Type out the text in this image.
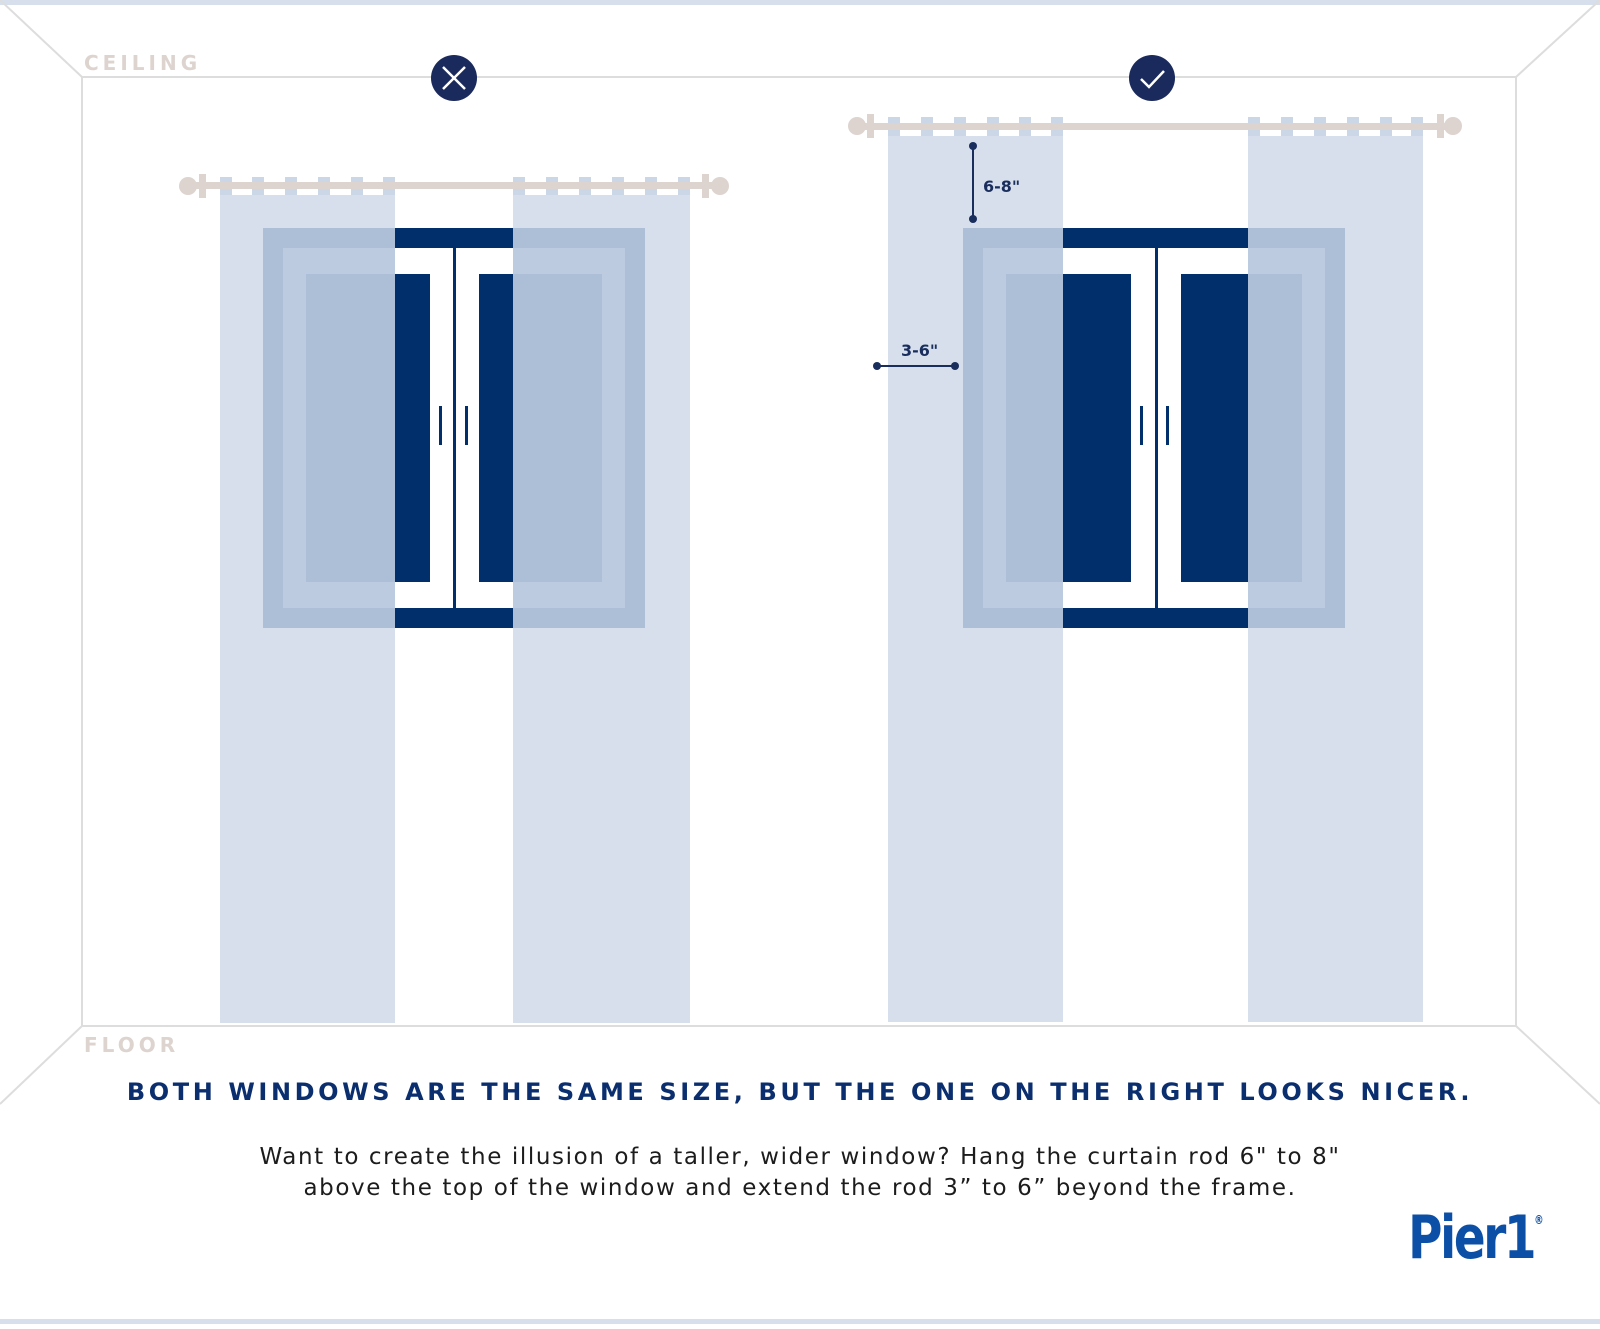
6-8"
3-6"
CEILING
FLOOR
BOTH WINDOWS ARE THE SAME SIZE, BUT THE ONE ON THE RIGHT LOOKS NICER.
Want to create the illusion of a taller, wider window? Hang the curtain rod 6" to 8"
above the top of the window and extend the rod 3” to 6” beyond the frame.
Pier1®
